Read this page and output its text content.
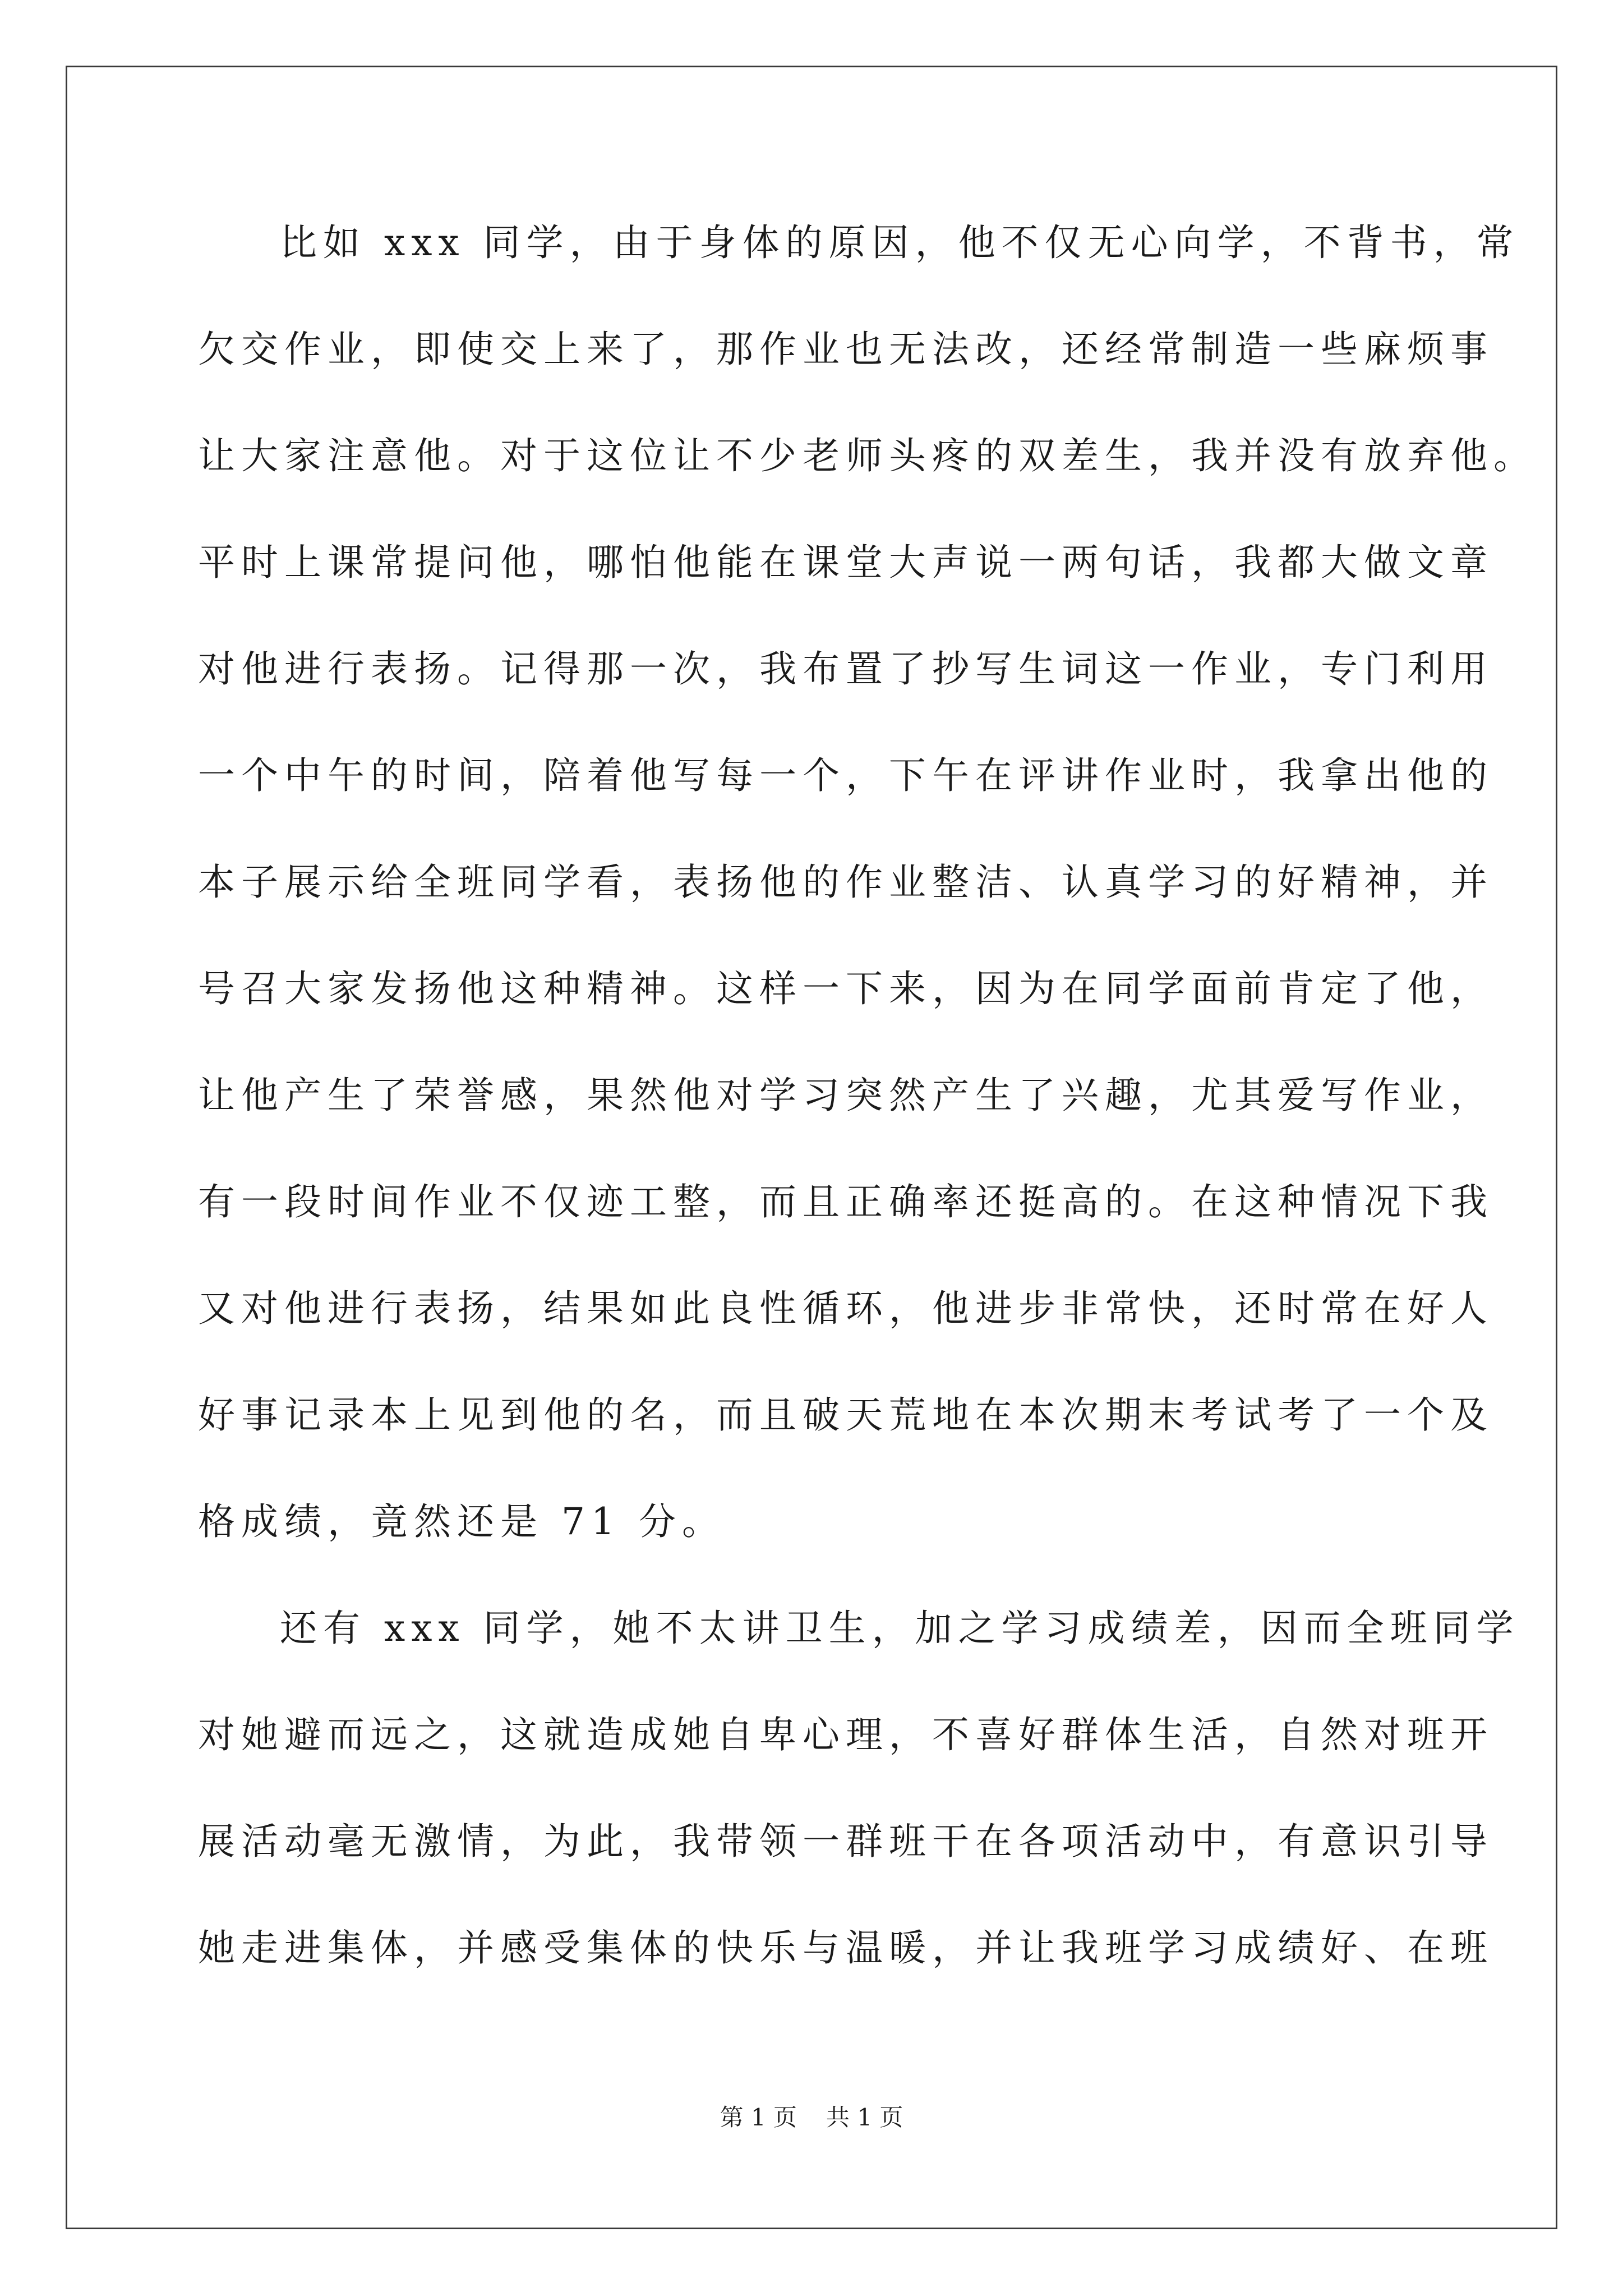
比如 xxx 同学，由于身体的原因，他不仅无心向学，不背书，常
欠交作业，即使交上来了，那作业也无法改，还经常制造一些麻烦事
让大家注意他。对于这位让不少老师头疼的双差生，我并没有放弃他。
平时上课常提问他，哪怕他能在课堂大声说一两句话，我都大做文章
对他进行表扬。记得那一次，我布置了抄写生词这一作业，专门利用
一个中午的时间，陪着他写每一个，下午在评讲作业时，我拿出他的
本子展示给全班同学看，表扬他的作业整洁、认真学习的好精神，并
号召大家发扬他这种精神。这样一下来，因为在同学面前肯定了他，
让他产生了荣誉感，果然他对学习突然产生了兴趣，尤其爱写作业，
有一段时间作业不仅迹工整，而且正确率还挺高的。在这种情况下我
又对他进行表扬，结果如此良性循环，他进步非常快，还时常在好人
好事记录本上见到他的名，而且破天荒地在本次期末考试考了一个及
格成绩，竟然还是 71 分。
还有 xxx 同学，她不太讲卫生，加之学习成绩差，因而全班同学
对她避而远之，这就造成她自卑心理，不喜好群体生活，自然对班开
展活动毫无激情，为此，我带领一群班干在各项活动中，有意识引导
她走进集体，并感受集体的快乐与温暖，并让我班学习成绩好、在班
第 1 页 共 1 页
